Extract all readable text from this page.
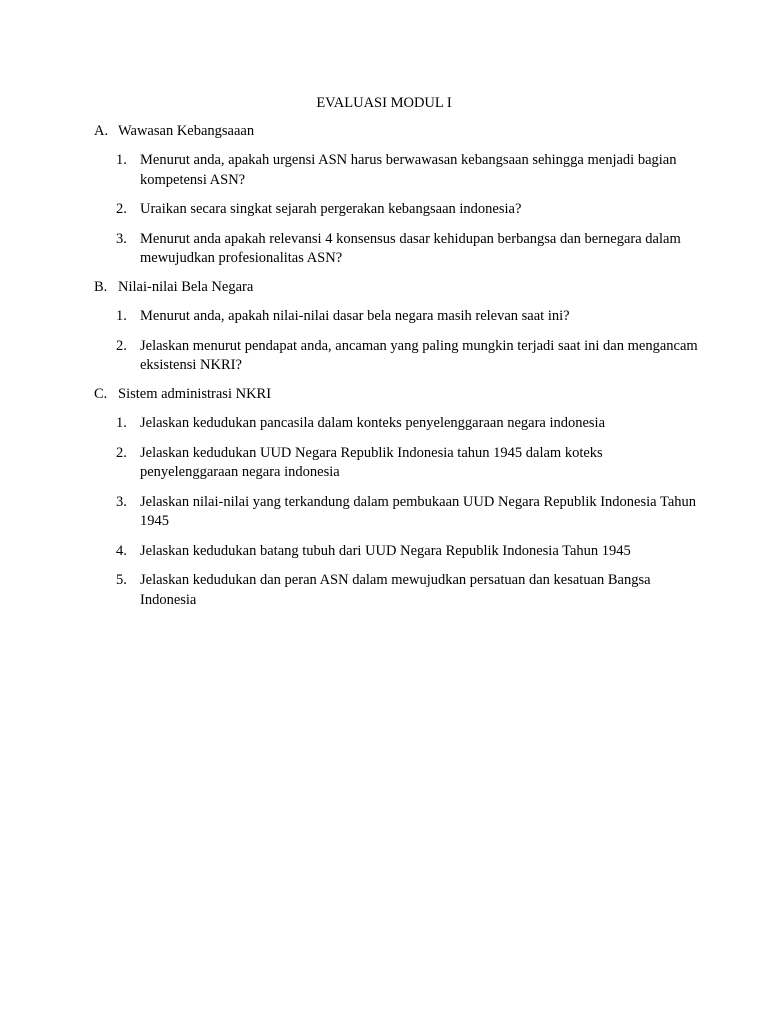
EVALUASI MODUL I
A. Wawasan Kebangsaaan
1. Menurut anda, apakah urgensi ASN harus berwawasan kebangsaan sehingga menjadi bagian kompetensi ASN?
2. Uraikan secara singkat sejarah pergerakan kebangsaan indonesia?
3. Menurut anda apakah relevansi 4 konsensus dasar kehidupan berbangsa dan bernegara dalam mewujudkan profesionalitas ASN?
B. Nilai-nilai Bela Negara
1. Menurut anda, apakah nilai-nilai dasar bela negara masih relevan saat ini?
2. Jelaskan menurut pendapat anda, ancaman yang paling mungkin terjadi saat ini dan mengancam eksistensi NKRI?
C. Sistem administrasi NKRI
1. Jelaskan kedudukan pancasila dalam konteks penyelenggaraan negara indonesia
2. Jelaskan kedudukan UUD Negara Republik Indonesia tahun 1945 dalam koteks penyelenggaraan negara indonesia
3. Jelaskan nilai-nilai yang terkandung dalam pembukaan UUD Negara Republik Indonesia Tahun 1945
4. Jelaskan kedudukan batang tubuh dari UUD Negara Republik Indonesia Tahun 1945
5. Jelaskan kedudukan dan peran ASN dalam mewujudkan persatuan dan kesatuan Bangsa Indonesia
